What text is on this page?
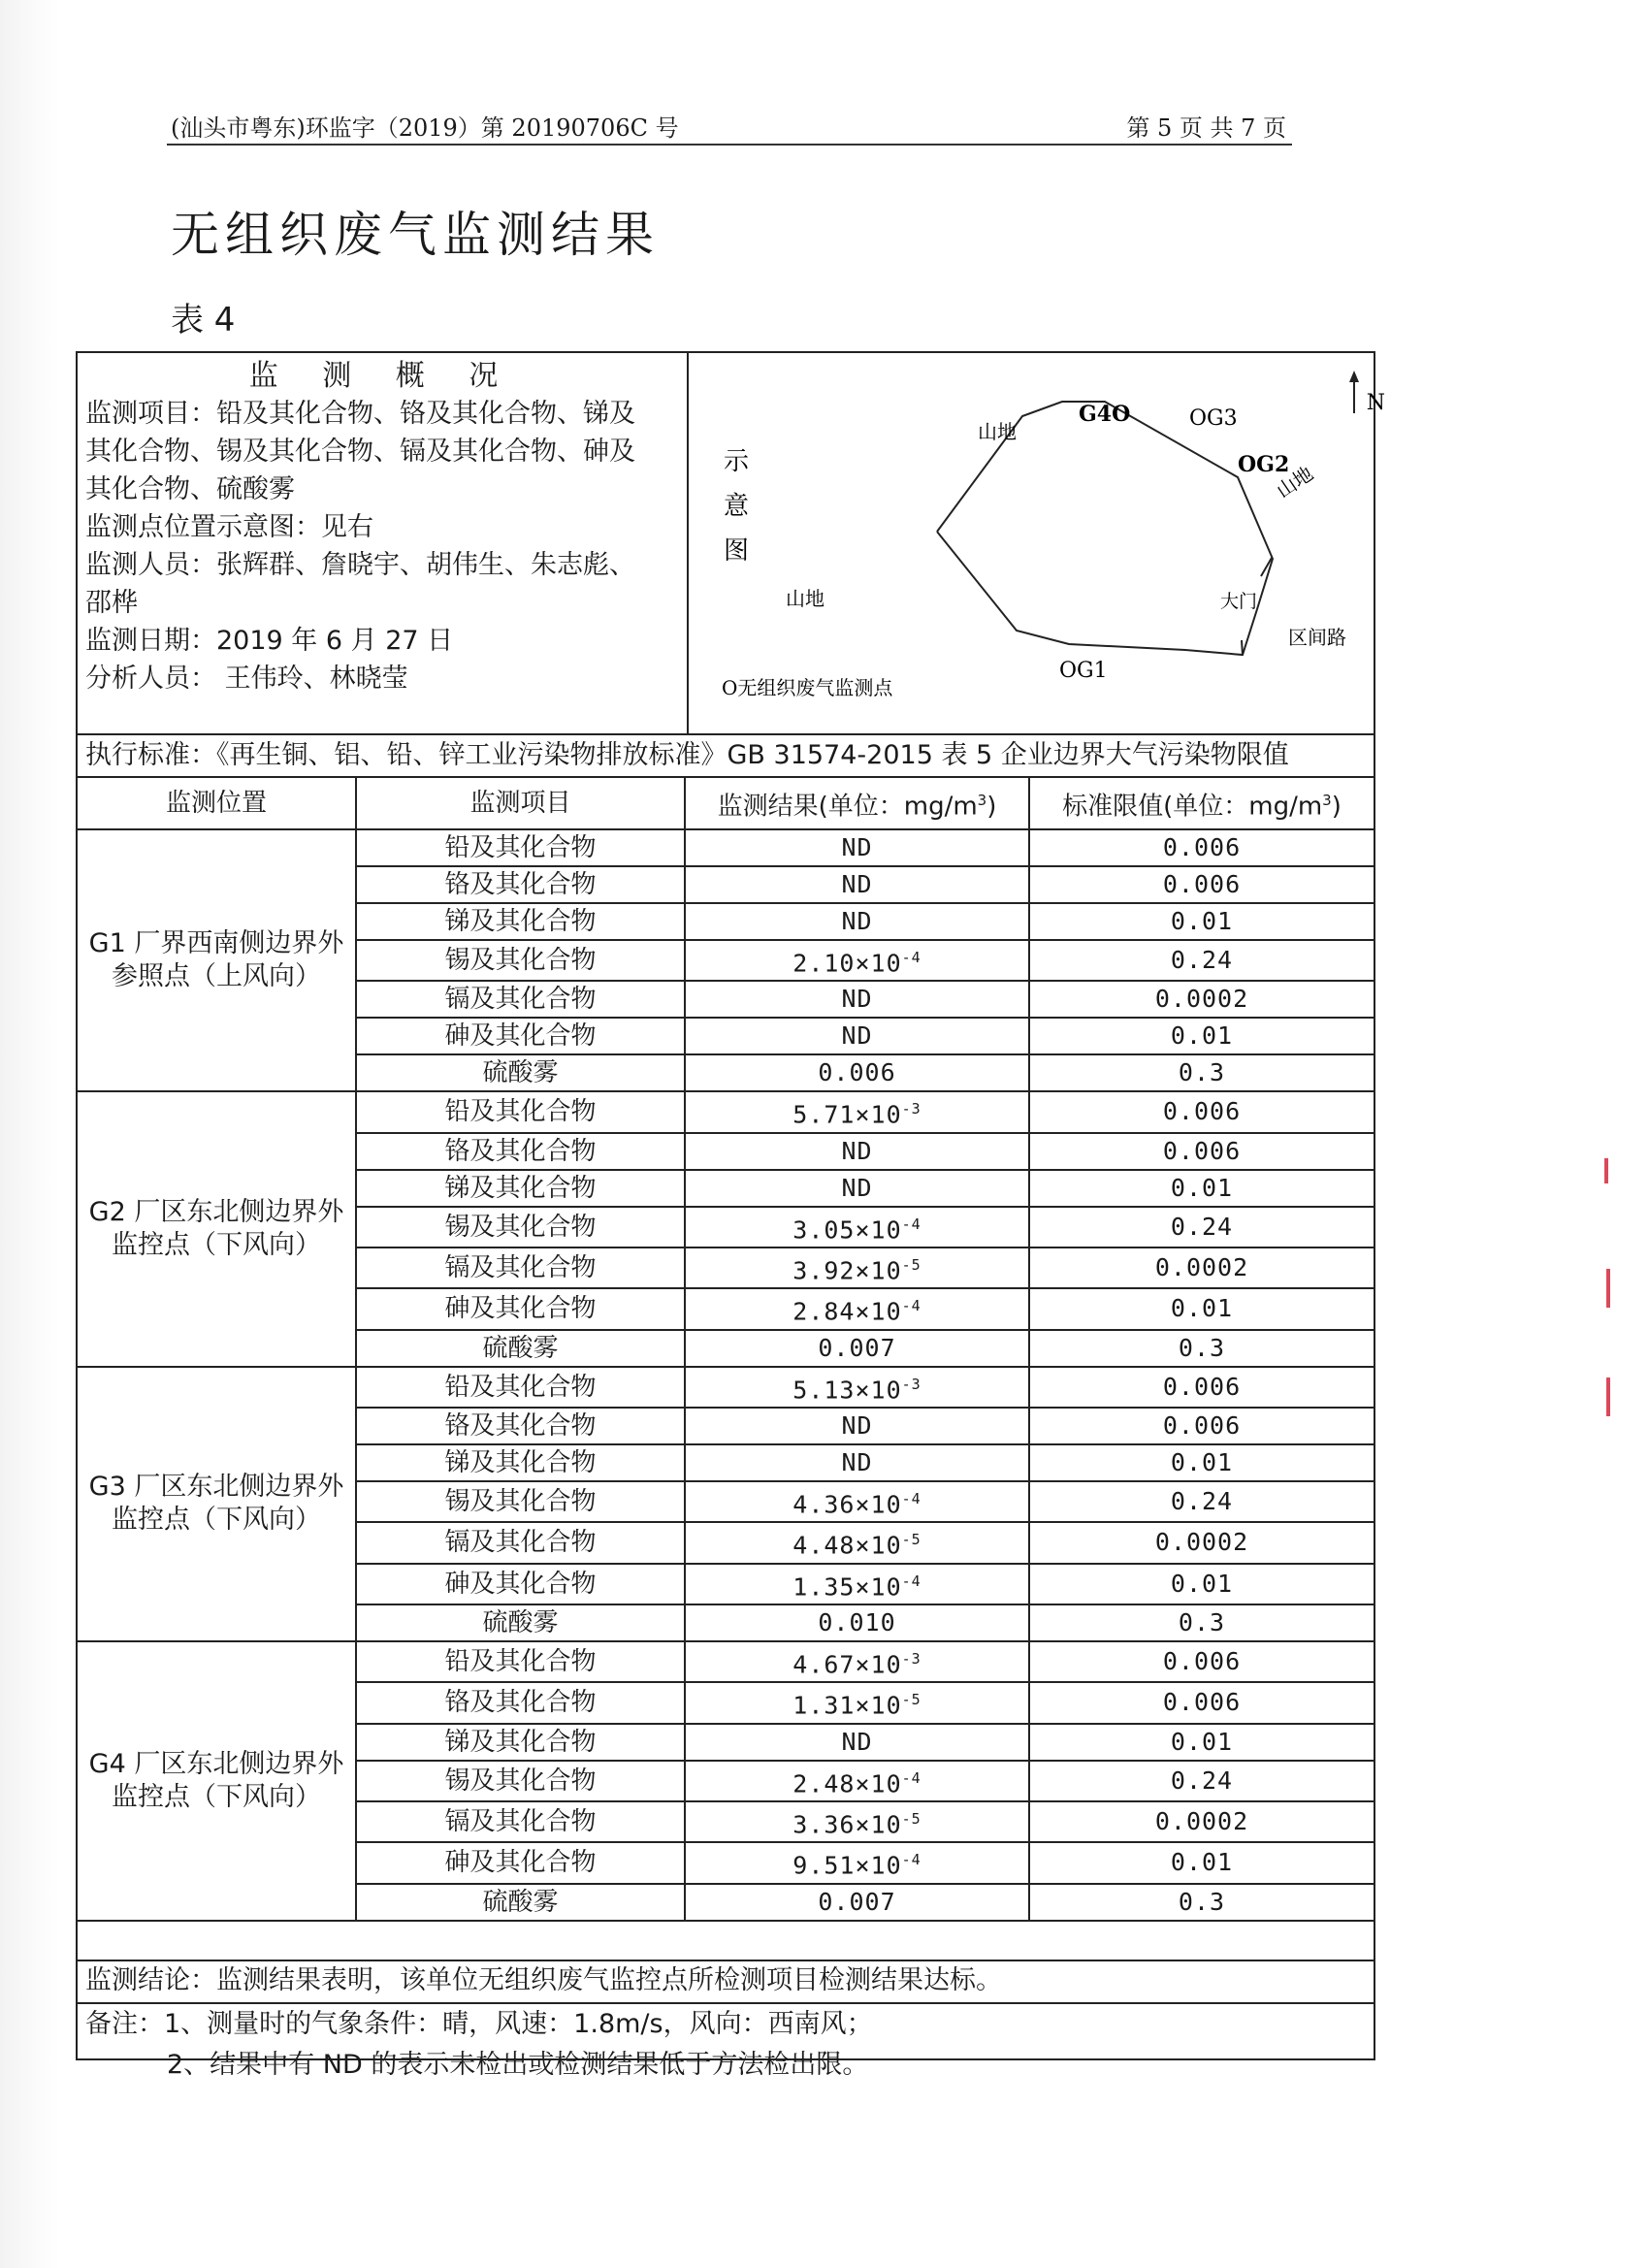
(汕头市粤东)环监字（2019）第 20190706C 号	第 5 页 共 7 页
无组织废气监测结果
表 4
监 测 概 况
监测项目：铅及其化合物、铬及其化合物、锑及
其化合物、锡及其化合物、镉及其化合物、砷及
其化合物、硫酸雾
监测点位置示意图：见右
监测人员：张辉群、詹晓宇、胡伟生、朱志彪、
邵桦
监测日期：2019 年 6 月 27 日
分析人员： 王伟玲、林晓莹
示
意
图
山地
G4O	OG3
OG2
山地
山地
大门
区间路
OG1
O无组织废气监测点
N
执行标准：《再生铜、铝、铅、锌工业污染物排放标准》GB 31574-2015 表 5 企业边界大气污染物限值
监测位置	监测项目	监测结果(单位：$mg/m^3$)	标准限值(单位：$mg/m^3$)
G1 厂界西南侧边界外参照点（上风向）	铅及其化合物	ND	0.006
	铬及其化合物	ND	0.006
	锑及其化合物	ND	0.01
	锡及其化合物	$2.10\times 10^{-4}$	0.24
	镉及其化合物	ND	0.0002
	砷及其化合物	ND	0.01
	硫酸雾	0.006	0.3
G2 厂区东北侧边界外监控点（下风向）	铅及其化合物	$5.71\times 10^{-3}$	0.006
	铬及其化合物	ND	0.006
	锑及其化合物	ND	0.01
	锡及其化合物	$3.05\times 10^{-4}$	0.24
	镉及其化合物	$3.92\times 10^{-5}$	0.0002
	砷及其化合物	$2.84\times 10^{-4}$	0.01
	硫酸雾	0.007	0.3
G3 厂区东北侧边界外监控点（下风向）	铅及其化合物	$5.13\times 10^{-3}$	0.006
	铬及其化合物	ND	0.006
	锑及其化合物	ND	0.01
	锡及其化合物	$4.36\times 10^{-4}$	0.24
	镉及其化合物	$4.48\times 10^{-5}$	0.0002
	砷及其化合物	$1.35\times 10^{-4}$	0.01
	硫酸雾	0.010	0.3
G4 厂区东北侧边界外监控点（下风向）	铅及其化合物	$4.67\times 10^{-3}$	0.006
	铬及其化合物	$1.31\times 10^{-5}$	0.006
	锑及其化合物	ND	0.01
	锡及其化合物	$2.48\times 10^{-4}$	0.24
	镉及其化合物	$3.36\times 10^{-5}$	0.0002
	砷及其化合物	$9.51\times 10^{-4}$	0.01
	硫酸雾	0.007	0.3
监测结论：监测结果表明，该单位无组织废气监控点所检测项目检测结果达标。
备注：1、测量时的气象条件：晴，风速：1.8m/s，风向：西南风；
2、结果中有 ND 的表示未检出或检测结果低于方法检出限。
